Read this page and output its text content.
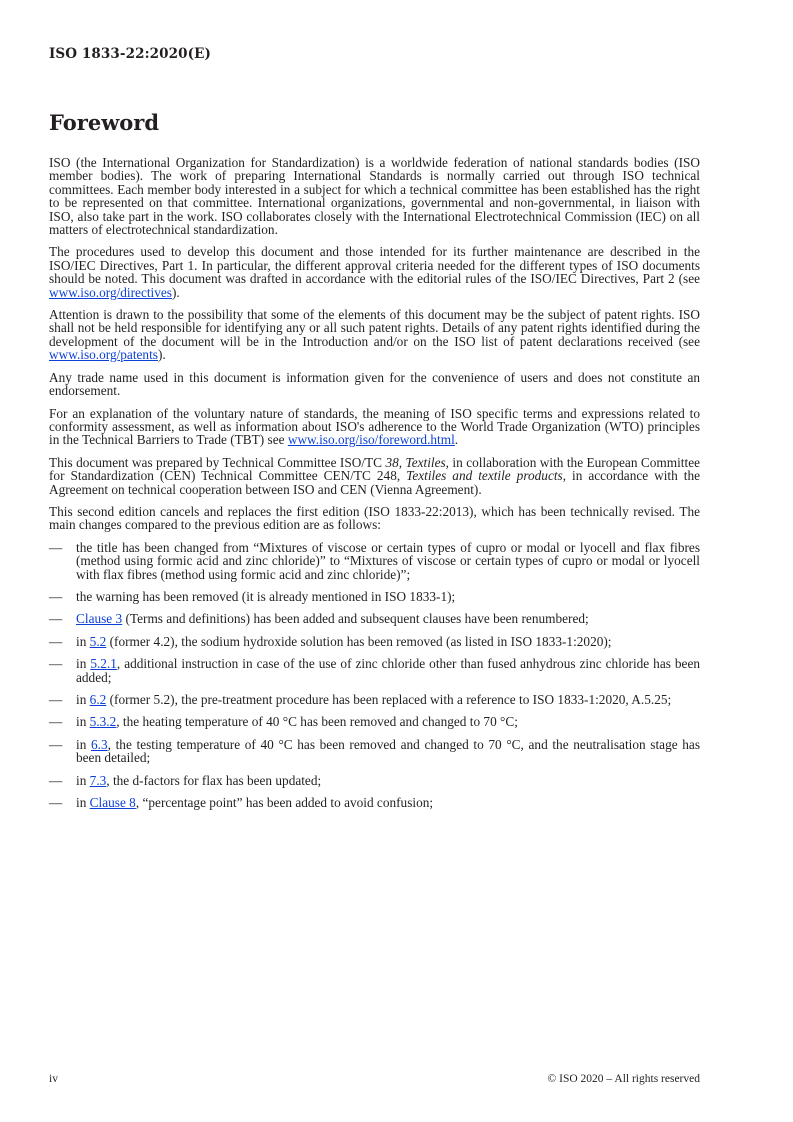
ISO 1833-22:2020(E)
Foreword

ISO (the International Organization for Standardization) is a worldwide federation of national standards bodies (ISO member bodies). The work of preparing International Standards is normally carried out through ISO technical committees. Each member body interested in a subject for which a technical committee has been established has the right to be represented on that committee. International organizations, governmental and non-governmental, in liaison with ISO, also take part in the work. ISO collaborates closely with the International Electrotechnical Commission (IEC) on all matters of electrotechnical standardization.

The procedures used to develop this document and those intended for its further maintenance are described in the ISO/IEC Directives, Part 1. In particular, the different approval criteria needed for the different types of ISO documents should be noted. This document was drafted in accordance with the editorial rules of the ISO/IEC Directives, Part 2 (see www.iso.org/directives).

Attention is drawn to the possibility that some of the elements of this document may be the subject of patent rights. ISO shall not be held responsible for identifying any or all such patent rights. Details of any patent rights identified during the development of the document will be in the Introduction and/or on the ISO list of patent declarations received (see www.iso.org/patents).

Any trade name used in this document is information given for the convenience of users and does not constitute an endorsement.

For an explanation of the voluntary nature of standards, the meaning of ISO specific terms and expressions related to conformity assessment, as well as information about ISO's adherence to the World Trade Organization (WTO) principles in the Technical Barriers to Trade (TBT) see www.iso.org/iso/foreword.html.

This document was prepared by Technical Committee ISO/TC 38, Textiles, in collaboration with the European Committee for Standardization (CEN) Technical Committee CEN/TC 248, Textiles and textile products, in accordance with the Agreement on technical cooperation between ISO and CEN (Vienna Agreement).

This second edition cancels and replaces the first edition (ISO 1833-22:2013), which has been technically revised. The main changes compared to the previous edition are as follows:

— the title has been changed from “Mixtures of viscose or certain types of cupro or modal or lyocell and flax fibres (method using formic acid and zinc chloride)” to “Mixtures of viscose or certain types of cupro or modal or lyocell with flax fibres (method using formic acid and zinc chloride)”;
— the warning has been removed (it is already mentioned in ISO 1833-1);
— Clause 3 (Terms and definitions) has been added and subsequent clauses have been renumbered;
— in 5.2 (former 4.2), the sodium hydroxide solution has been removed (as listed in ISO 1833-1:2020);
— in 5.2.1, additional instruction in case of the use of zinc chloride other than fused anhydrous zinc chloride has been added;
— in 6.2 (former 5.2), the pre-treatment procedure has been replaced with a reference to ISO 1833-1:2020, A.5.25;
— in 5.3.2, the heating temperature of 40 °C has been removed and changed to 70 °C;
— in 6.3, the testing temperature of 40 °C has been removed and changed to 70 °C, and the neutralisation stage has been detailed;
— in 7.3, the d-factors for flax has been updated;
— in Clause 8, “percentage point” has been added to avoid confusion;
iv	© ISO 2020 – All rights reserved
